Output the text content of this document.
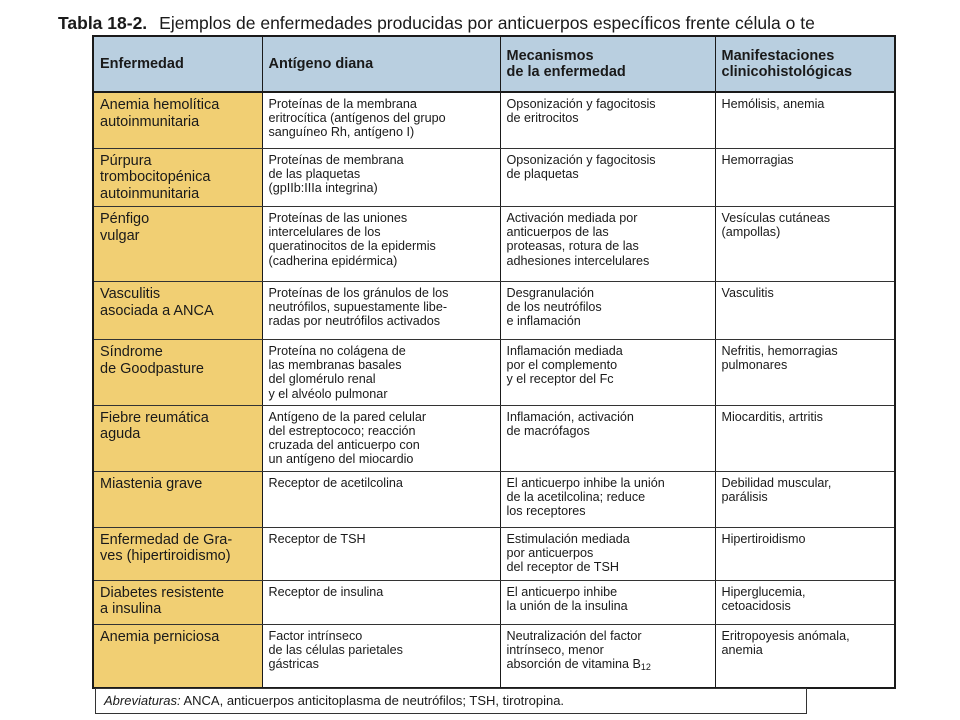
Tabla 18-2. Ejemplos de enfermedades producidas por anticuerpos específicos frente célula o te
Enfermedad	Antígeno diana	Mecanismos
de la enfermedad	Manifestaciones
clinicohistológicas

Anemia hemolítica
autoinmunitaria	Proteínas de la membrana
eritrocítica (antígenos del grupo
sanguíneo Rh, antígeno I)	Opsonización y fagocitosis
de eritrocitos	Hemólisis, anemia

Púrpura
trombocitopénica
autoinmunitaria	Proteínas de membrana
de las plaquetas
(gpIIb:IIIa integrina)	Opsonización y fagocitosis
de plaquetas	Hemorragias

Pénfigo
vulgar	Proteínas de las uniones
intercelulares de los
queratinocitos de la epidermis
(cadherina epidérmica)	Activación mediada por
anticuerpos de las
proteasas, rotura de las
adhesiones intercelulares	Vesículas cutáneas
(ampollas)

Vasculitis
asociada a ANCA	Proteínas de los gránulos de los
neutrófilos, supuestamente libe-
radas por neutrófilos activados	Desgranulación
de los neutrófilos
e inflamación	Vasculitis

Síndrome
de Goodpasture	Proteína no colágena de
las membranas basales
del glomérulo renal
y el alvéolo pulmonar	Inflamación mediada
por el complemento
y el receptor del Fc	Nefritis, hemorragias
pulmonares

Fiebre reumática
aguda	Antígeno de la pared celular
del estreptococo; reacción
cruzada del anticuerpo con
un antígeno del miocardio	Inflamación, activación
de macrófagos	Miocarditis, artritis

Miastenia grave	Receptor de acetilcolina	El anticuerpo inhibe la unión
de la acetilcolina; reduce
los receptores	Debilidad muscular,
parálisis

Enfermedad de Gra-
ves (hipertiroidismo)	Receptor de TSH	Estimulación mediada
por anticuerpos
del receptor de TSH	Hipertiroidismo

Diabetes resistente
a insulina	Receptor de insulina	El anticuerpo inhibe
la unión de la insulina	Hiperglucemia,
cetoacidosis

Anemia perniciosa	Factor intrínseco
de las células parietales
gástricas	Neutralización del factor
intrínseco, menor
absorción de vitamina $B_{12}$	Eritropoyesis anómala,
anemia
Abreviaturas: ANCA, anticuerpos anticitoplasma de neutrófilos; TSH, tirotropina.
